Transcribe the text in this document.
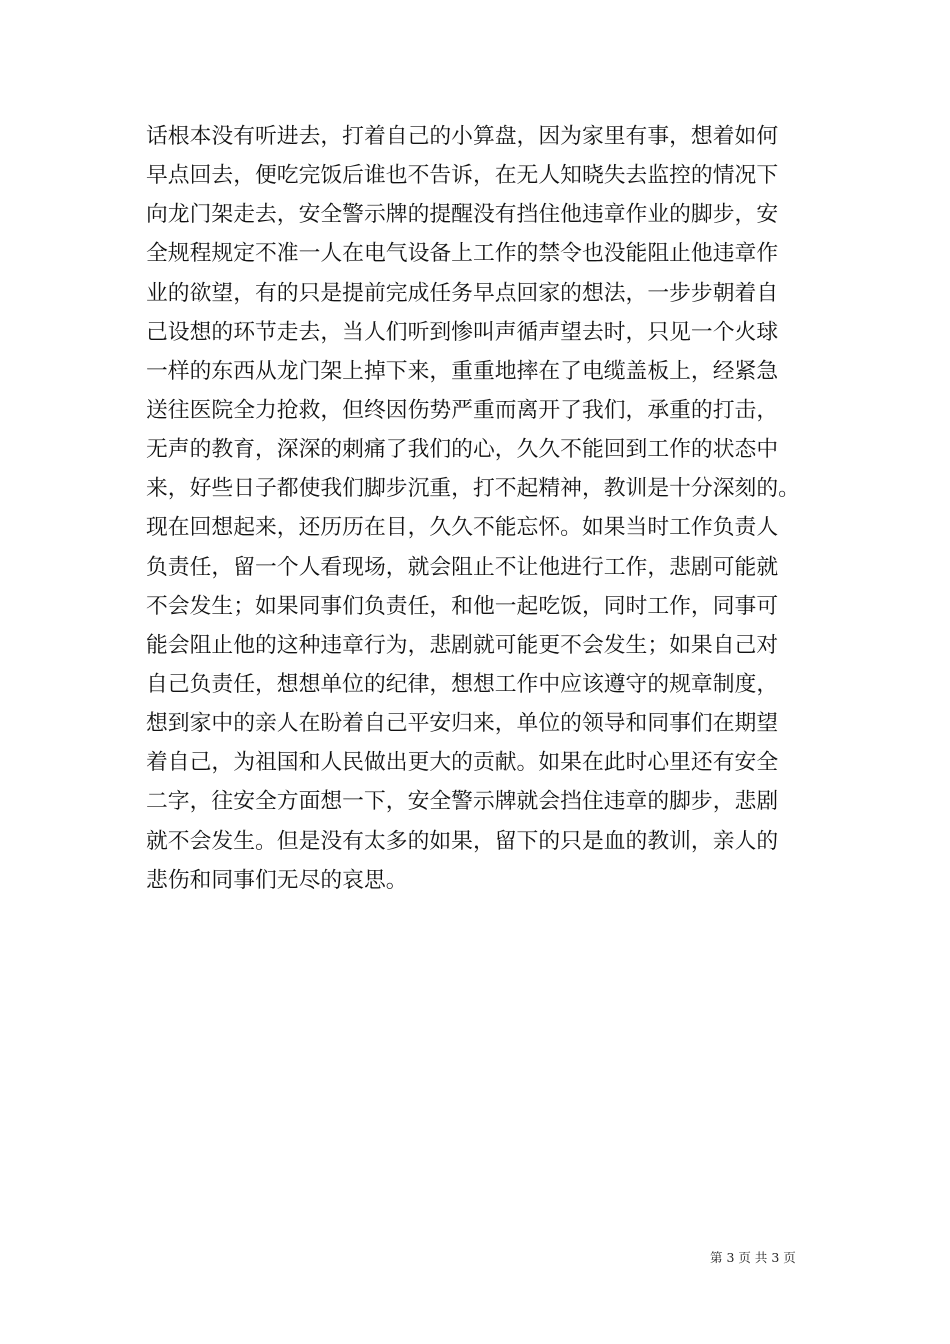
话根本没有听进去，打着自己的小算盘，因为家里有事，想着如何
早点回去，便吃完饭后谁也不告诉，在无人知晓失去监控的情况下
向龙门架走去，安全警示牌的提醒没有挡住他违章作业的脚步，安
全规程规定不准一人在电气设备上工作的禁令也没能阻止他违章作
业的欲望，有的只是提前完成任务早点回家的想法，一步步朝着自
己设想的环节走去，当人们听到惨叫声循声望去时，只见一个火球
一样的东西从龙门架上掉下来，重重地摔在了电缆盖板上，经紧急
送往医院全力抢救，但终因伤势严重而离开了我们，承重的打击，
无声的教育，深深的刺痛了我们的心，久久不能回到工作的状态中
来，好些日子都使我们脚步沉重，打不起精神，教训是十分深刻的。
现在回想起来，还历历在目，久久不能忘怀。如果当时工作负责人
负责任，留一个人看现场，就会阻止不让他进行工作，悲剧可能就
不会发生；如果同事们负责任，和他一起吃饭，同时工作，同事可
能会阻止他的这种违章行为，悲剧就可能更不会发生；如果自己对
自己负责任，想想单位的纪律，想想工作中应该遵守的规章制度，
想到家中的亲人在盼着自己平安归来，单位的领导和同事们在期望
着自己，为祖国和人民做出更大的贡献。如果在此时心里还有安全
二字，往安全方面想一下，安全警示牌就会挡住违章的脚步，悲剧
就不会发生。但是没有太多的如果，留下的只是血的教训，亲人的
悲伤和同事们无尽的哀思。
第 3 页 共 3 页
